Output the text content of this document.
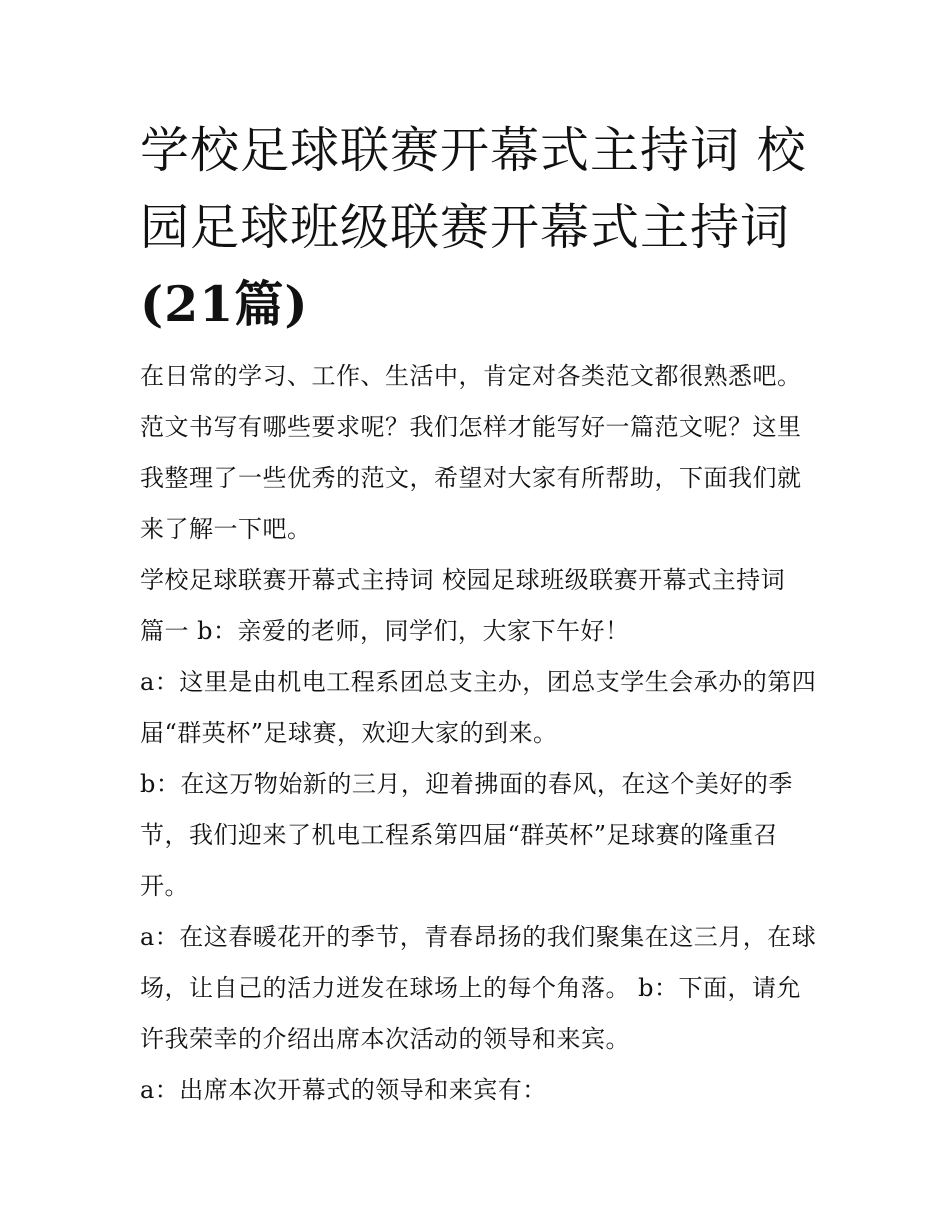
学校足球联赛开幕式主持词 校园足球班级联赛开幕式主持词(21篇)

在日常的学习、工作、生活中，肯定对各类范文都很熟悉吧。范文书写有哪些要求呢？我们怎样才能写好一篇范文呢？这里我整理了一些优秀的范文，希望对大家有所帮助，下面我们就来了解一下吧。

学校足球联赛开幕式主持词 校园足球班级联赛开幕式主持词

篇一 b：亲爱的老师，同学们，大家下午好！

a：这里是由机电工程系团总支主办，团总支学生会承办的第四届“群英杯”足球赛，欢迎大家的到来。

b：在这万物始新的三月，迎着拂面的春风，在这个美好的季节，我们迎来了机电工程系第四届“群英杯”足球赛的隆重召开。

a：在这春暖花开的季节，青春昂扬的我们聚集在这三月，在球场，让自己的活力迸发在球场上的每个角落。 b：下面，请允许我荣幸的介绍出席本次活动的领导和来宾。

a：出席本次开幕式的领导和来宾有：
